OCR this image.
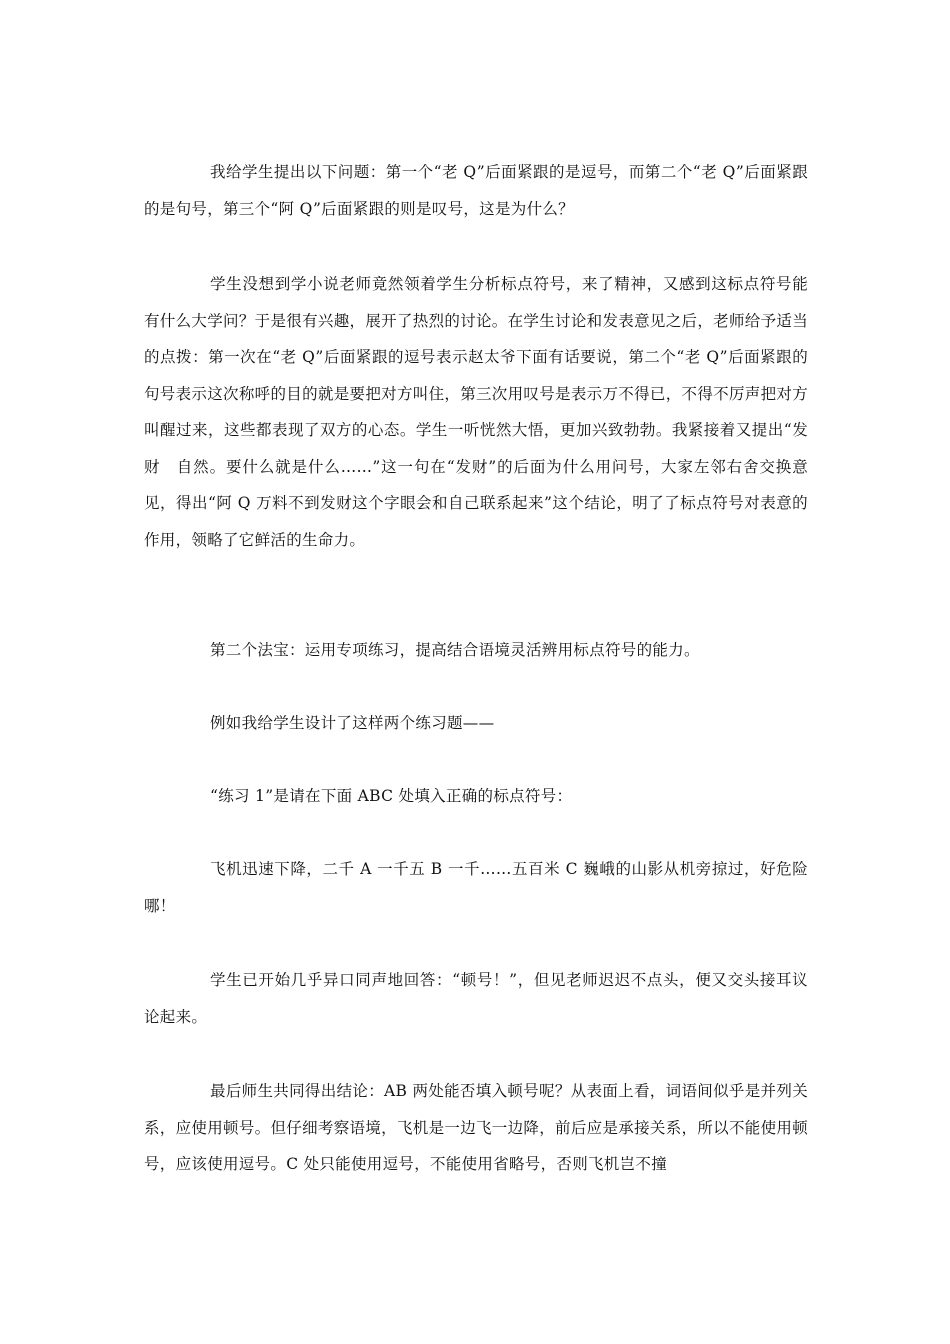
我给学生提出以下问题：第一个“老 Q”后面紧跟的是逗号，而第二个“老 Q”后面紧跟的是句号，第三个“阿 Q”后面紧跟的则是叹号，这是为什么？

学生没想到学小说老师竟然领着学生分析标点符号，来了精神，又感到这标点符号能有什么大学问？于是很有兴趣，展开了热烈的讨论。在学生讨论和发表意见之后，老师给予适当的点拨：第一次在“老 Q”后面紧跟的逗号表示赵太爷下面有话要说，第二个“老 Q”后面紧跟的句号表示这次称呼的目的就是要把对方叫住，第三次用叹号是表示万不得已，不得不厉声把对方叫醒过来，这些都表现了双方的心态。学生一听恍然大悟，更加兴致勃勃。我紧接着又提出“发财　自然。要什么就是什么……”这一句在“发财”的后面为什么用问号，大家左邻右舍交换意见，得出“阿 Q 万料不到发财这个字眼会和自己联系起来”这个结论，明了了标点符号对表意的作用，领略了它鲜活的生命力。

第二个法宝：运用专项练习，提高结合语境灵活辨用标点符号的能力。

例如我给学生设计了这样两个练习题——

“练习 1”是请在下面 ABC 处填入正确的标点符号：

飞机迅速下降，二千 A 一千五 B 一千……五百米 C 巍峨的山影从机旁掠过，好危险哪！

学生已开始几乎异口同声地回答：“顿号！”，但见老师迟迟不点头，便又交头接耳议论起来。

最后师生共同得出结论：AB 两处能否填入顿号呢？从表面上看，词语间似乎是并列关系，应使用顿号。但仔细考察语境，飞机是一边飞一边降，前后应是承接关系，所以不能使用顿号，应该使用逗号。C 处只能使用逗号，不能使用省略号，否则飞机岂不撞
